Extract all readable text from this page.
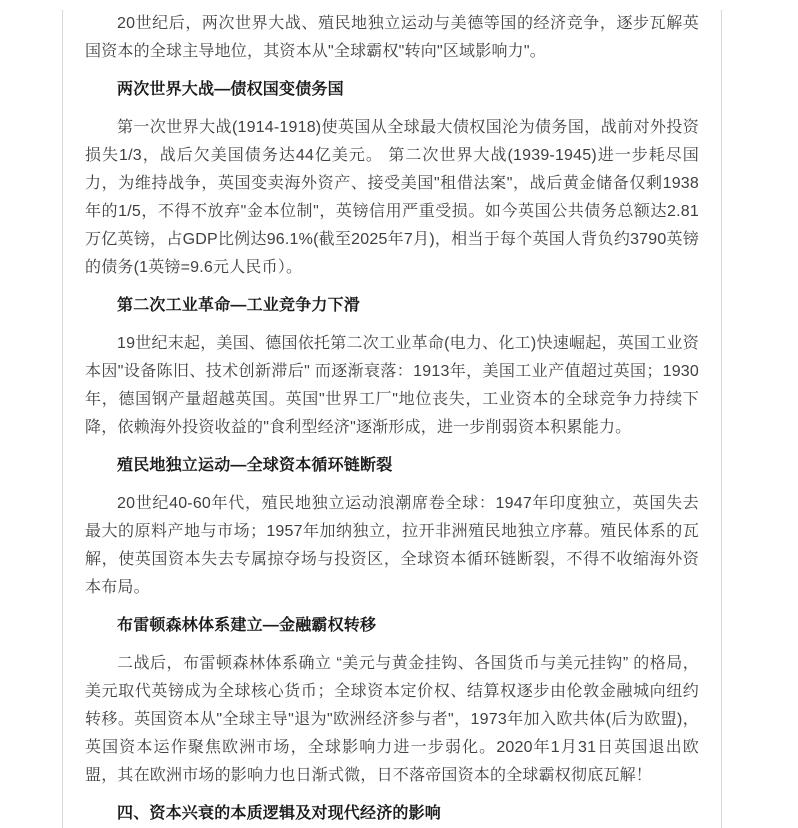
20世纪后，两次世界大战、殖民地独立运动与美德等国的经济竞争，逐步瓦解英国资本的全球主导地位，其资本从"全球霸权"转向"区域影响力"。

两次世界大战—债权国变债务国

第一次世界大战(1914-1918)使英国从全球最大债权国沦为债务国，战前对外投资损失1/3，战后欠美国债务达44亿美元。 第二次世界大战(1939-1945)进一步耗尽国力，为维持战争，英国变卖海外资产、接受美国"租借法案"，战后黄金储备仅剩1938年的1/5，不得不放弃"金本位制"，英镑信用严重受损。如今英国公共债务总额达2.81万亿英镑，占GDP比例达96.1%(截至2025年7月)，相当于每个英国人背负约3790英镑的债务(1英镑=9.6元人民币）。

第二次工业革命—工业竞争力下滑

19世纪末起，美国、德国依托第二次工业革命(电力、化工)快速崛起，英国工业资本因"设备陈旧、技术创新滞后" 而逐渐衰落：1913年，美国工业产值超过英国；1930年，德国钢产量超越英国。英国"世界工厂"地位丧失，工业资本的全球竞争力持续下降，依赖海外投资收益的"食利型经济"逐渐形成，进一步削弱资本积累能力。

殖民地独立运动—全球资本循环链断裂

20世纪40-60年代，殖民地独立运动浪潮席卷全球：1947年印度独立，英国失去最大的原料产地与市场；1957年加纳独立，拉开非洲殖民地独立序幕。殖民体系的瓦解，使英国资本失去专属掠夺场与投资区，全球资本循环链断裂，不得不收缩海外资本布局。

布雷顿森林体系建立—金融霸权转移

二战后，布雷顿森林体系确立 “美元与黄金挂钩、各国货币与美元挂钩” 的格局，美元取代英镑成为全球核心货币；全球资本定价权、结算权逐步由伦敦金融城向纽约转移。英国资本从"全球主导"退为"欧洲经济参与者"，1973年加入欧共体(后为欧盟)，英国资本运作聚焦欧洲市场，全球影响力进一步弱化。2020年1月31日英国退出欧盟，其在欧洲市场的影响力也日渐式微，日不落帝国资本的全球霸权彻底瓦解！

四、资本兴衰的本质逻辑及对现代经济的影响
